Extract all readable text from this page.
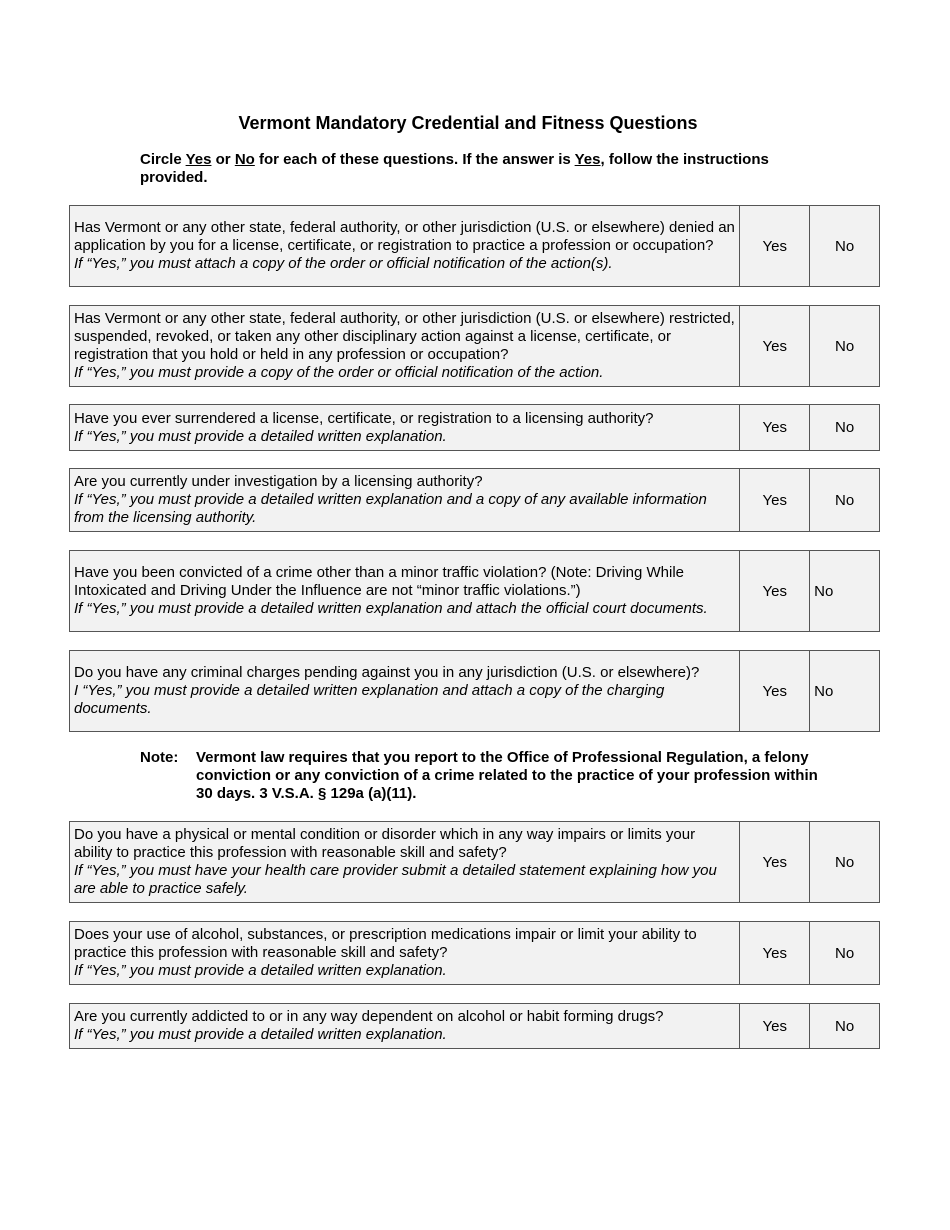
Vermont Mandatory Credential and Fitness Questions
Circle Yes or No for each of these questions. If the answer is Yes, follow the instructions provided.
Has Vermont or any other state, federal authority, or other jurisdiction (U.S. or elsewhere) denied an application by you for a license, certificate, or registration to practice a profession or occupation?
If “Yes,” you must attach a copy of the order or official notification of the action(s).
Yes	No
Has Vermont or any other state, federal authority, or other jurisdiction (U.S. or elsewhere) restricted, suspended, revoked, or taken any other disciplinary action against a license, certificate, or registration that you hold or held in any profession or occupation?
If “Yes,” you must provide a copy of the order or official notification of the action.
Yes	No
Have you ever surrendered a license, certificate, or registration to a licensing authority?
If “Yes,” you must provide a detailed written explanation.	Yes	No
Are you currently under investigation by a licensing authority?
If “Yes,” you must provide a detailed written explanation and a copy of any available information from the licensing authority.
Yes	No
Have you been convicted of a crime other than a minor traffic violation? (Note: Driving While Intoxicated and Driving Under the Influence are not “minor traffic violations.”)
If “Yes,” you must provide a detailed written explanation and attach the official court documents.
Yes	No
Do you have any criminal charges pending against you in any jurisdiction (U.S. or elsewhere)?
I “Yes,” you must provide a detailed written explanation and attach a copy of the charging documents.
Yes	No
Note:	Vermont law requires that you report to the Office of Professional Regulation, a felony conviction or any conviction of a crime related to the practice of your profession within 30 days. 3 V.S.A. § 129a (a)(11).
Do you have a physical or mental condition or disorder which in any way impairs or limits your ability to practice this profession with reasonable skill and safety?
If “Yes,” you must have your health care provider submit a detailed statement explaining how you are able to practice safely.
Yes	No
Does your use of alcohol, substances, or prescription medications impair or limit your ability to practice this profession with reasonable skill and safety?
If “Yes,” you must provide a detailed written explanation.
Yes	No
Are you currently addicted to or in any way dependent on alcohol or habit forming drugs?
If “Yes,” you must provide a detailed written explanation.	Yes	No
